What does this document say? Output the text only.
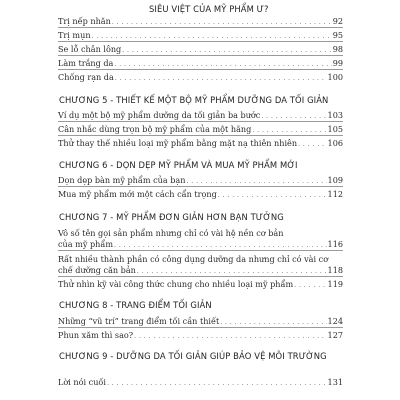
SIÊU VIỆT CỦA MỸ PHẨM Ư?
Trị nếp nhăn . . .	92
Trị mụn . . .	95
Se lỗ chân lông . . .	98
Làm trắng da . . .	99
Chống rạn da . . .	100
CHƯƠNG 5 - THIẾT KẾ MỘT BỘ MỸ PHẨM DƯỠNG DA TỐI GIẢN
Ví dụ một bộ mỹ phẩm dưỡng da tối giản ba bước . . .	103
Cân nhắc dùng trọn bộ mỹ phẩm của một hãng . . .	105
Thử thay thế nhiều loại mỹ phẩm bằng mặt nạ thiên nhiên . . .	106
CHƯƠNG 6 - DỌN DẸP MỸ PHẨM VÀ MUA MỸ PHẨM MỚI
Dọn dẹp bàn mỹ phẩm của bạn . . .	109
Mua mỹ phẩm mới một cách cẩn trọng . . .	112
CHƯƠNG 7 - MỸ PHẨM ĐƠN GIẢN HƠN BẠN TƯỞNG
Vô số tên gọi sản phẩm nhưng chỉ có vài hệ nền cơ bản
của mỹ phẩm . . .	116
Rất nhiều thành phần có công dụng dưỡng da nhưng chỉ có vài cơ
chế dưỡng căn bản . . .	118
Thử nhìn kỹ vài công thức chung cho nhiều loại mỹ phẩm . . .	119
CHƯƠNG 8 - TRANG ĐIỂM TỐI GIẢN
Những “vũ trí” trang điểm tối cần thiết . . .	124
Phun xăm thì sao? . . .	127
CHƯƠNG 9 - DƯỠNG DA TỐI GIẢN GIÚP BẢO VỆ MÔI TRƯỜNG
Lời nói cuối . . .	131
